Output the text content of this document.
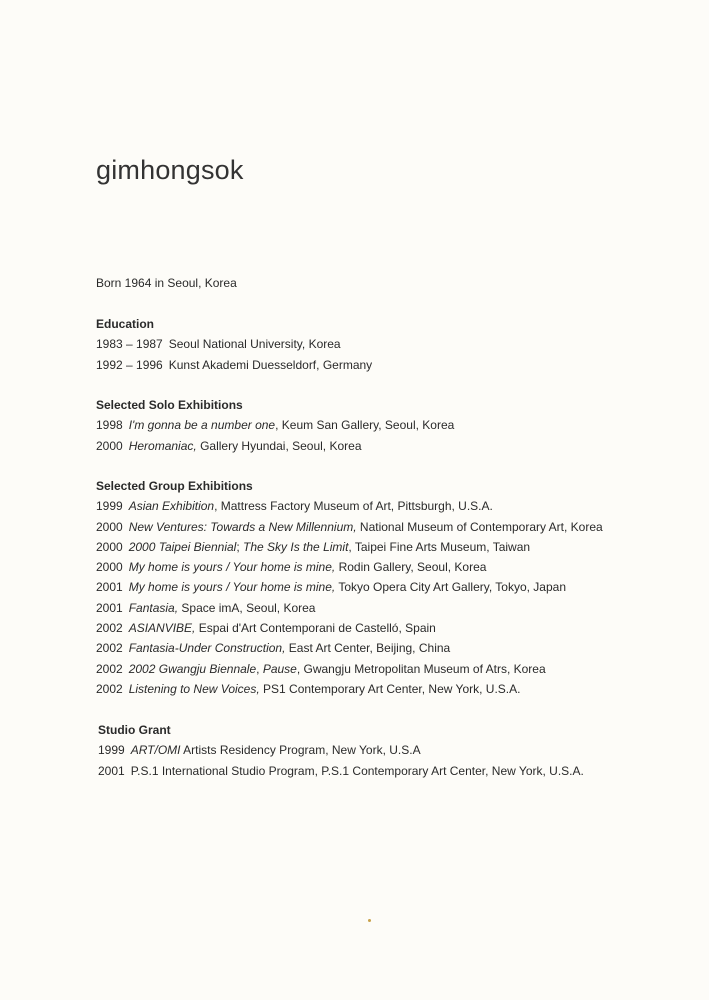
gimhongsok
Born 1964 in Seoul, Korea
Education
1983 – 1987 Seoul National University, Korea
1992 – 1996 Kunst Akademi Duesseldorf, Germany
Selected Solo Exhibitions
1998 I'm gonna be a number one, Keum San Gallery, Seoul, Korea
2000 Heromaniac, Gallery Hyundai, Seoul, Korea
Selected Group Exhibitions
1999 Asian Exhibition, Mattress Factory Museum of Art, Pittsburgh, U.S.A.
2000 New Ventures: Towards a New Millennium, National Museum of Contemporary Art, Korea
2000 2000 Taipei Biennial; The Sky Is the Limit, Taipei Fine Arts Museum, Taiwan
2000 My home is yours / Your home is mine, Rodin Gallery, Seoul, Korea
2001 My home is yours / Your home is mine, Tokyo Opera City Art Gallery, Tokyo, Japan
2001 Fantasia, Space imA, Seoul, Korea
2002 ASIANVIBE, Espai d'Art Contemporani de Castelló, Spain
2002 Fantasia-Under Construction, East Art Center, Beijing, China
2002 2002 Gwangju Biennale, Pause, Gwangju Metropolitan Museum of Atrs, Korea
2002 Listening to New Voices, PS1 Contemporary Art Center, New York, U.S.A.
Studio Grant
1999 ART/OMI Artists Residency Program, New York, U.S.A
2001 P.S.1 International Studio Program, P.S.1 Contemporary Art Center, New York, U.S.A.
